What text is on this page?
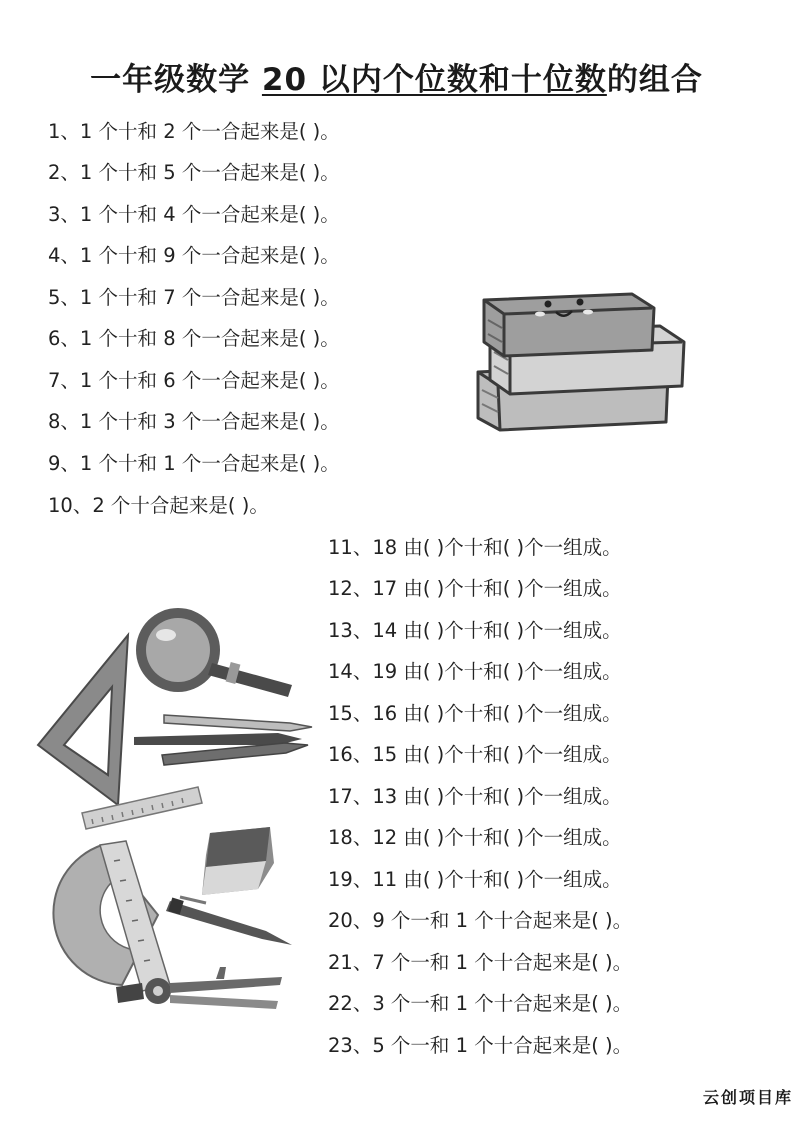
一年级数学 20 以内个位数和十位数的组合
1、1 个十和 2 个一合起来是( )。
2、1 个十和 5 个一合起来是( )。
3、1 个十和 4 个一合起来是( )。
4、1 个十和 9 个一合起来是( )。
5、1 个十和 7 个一合起来是( )。
6、1 个十和 8 个一合起来是( )。
7、1 个十和 6 个一合起来是( )。
8、1 个十和 3 个一合起来是( )。
9、1 个十和 1 个一合起来是( )。
10、2 个十合起来是( )。
11、18 由( )个十和( )个一组成。
12、17 由( )个十和( )个一组成。
13、14 由( )个十和( )个一组成。
14、19 由( )个十和( )个一组成。
15、16 由( )个十和( )个一组成。
16、15 由( )个十和( )个一组成。
17、13 由( )个十和( )个一组成。
18、12 由( )个十和( )个一组成。
19、11 由( )个十和( )个一组成。
20、9 个一和 1 个十合起来是( )。
21、7 个一和 1 个十合起来是( )。
22、3 个一和 1 个十合起来是( )。
23、5 个一和 1 个十合起来是( )。
云创项目库
